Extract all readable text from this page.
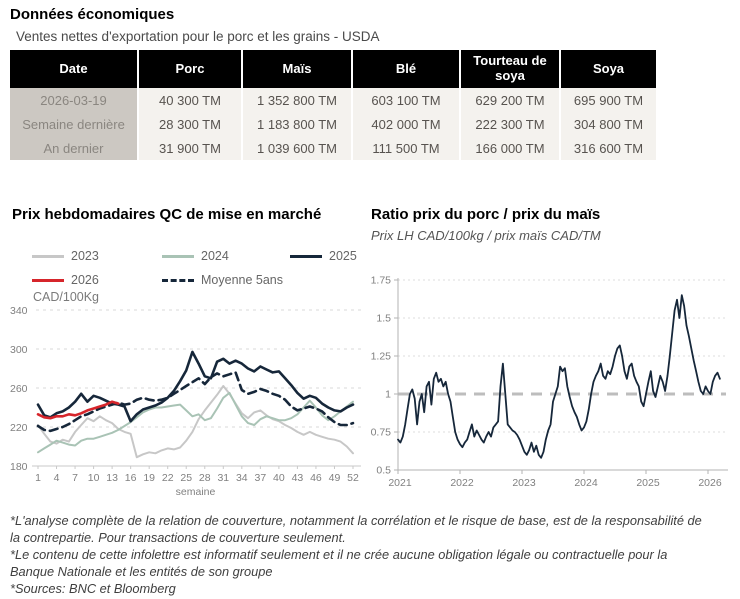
Données économiques
Ventes nettes d'exportation pour le porc et les grains - USDA
Date	Porc	Maïs	Blé	Tourteau de soya	Soya
2026-03-19	40 300 TM	1 352 800 TM	603 100 TM	629 200 TM	695 900 TM
Semaine dernière	28 300 TM	1 183 800 TM	402 000 TM	222 300 TM	304 800 TM
An dernier	31 900 TM	1 039 600 TM	111 500 TM	166 000 TM	316 600 TM
Prix hebdomadaires QC de mise en marché
2023	2024	2025
2026	Moyenne 5ans
CAD/100Kg
180
220
260
300
340
1 4 7 10 13 16 19 22 25 28 31 34 37 40 43 46 49 52
semaine
Ratio prix du porc / prix du maïs
Prix LH CAD/100kg / prix maïs CAD/TM
0.5
0.75
1
1.25
1.5
1.75
2021	2022	2023	2024	2025	2026

*L'analyse complète de la relation de couverture, notamment la corrélation et le risque de base, est de la responsabilité de la contrepartie. Pour transactions de couverture seulement.

*Le contenu de cette infolettre est informatif seulement et il ne crée aucune obligation légale ou contractuelle pour la Banque Nationale et les entités de son groupe

*Sources: BNC et Bloomberg
